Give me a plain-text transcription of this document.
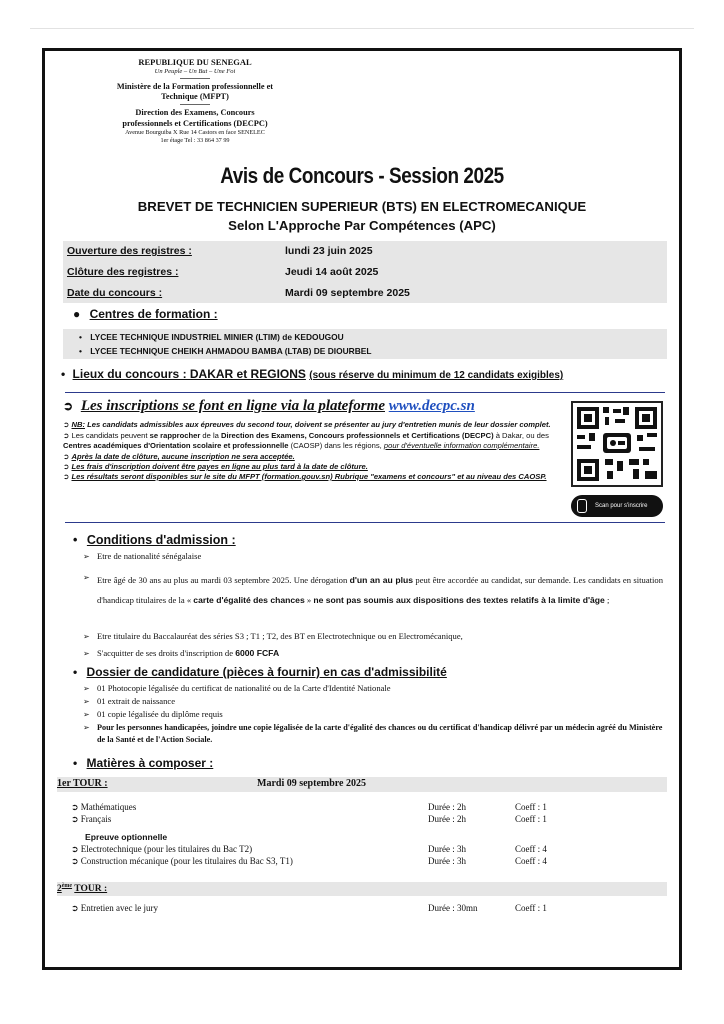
REPUBLIQUE DU SENEGAL
Un Peuple – Un But – Une Foi
Ministère de la Formation professionnelle et
Technique (MFPT)
Direction des Examens, Concours
professionnels et Certifications (DECPC)
Avenue Bourguiba X Rue 14 Castors en face SENELEC
1er étage Tel : 33 864 37 99
Avis de Concours - Session 2025
BREVET DE TECHNICIEN SUPERIEUR (BTS) EN ELECTROMECANIQUE
Selon L'Approche Par Compétences (APC)
Ouverture des registres :	lundi 23 juin 2025
Clôture des registres :	Jeudi 14 août 2025
Date du concours :	Mardi 09 septembre 2025
● Centres de formation :
• LYCEE TECHNIQUE INDUSTRIEL MINIER (LTIM) de KEDOUGOU
• LYCEE TECHNIQUE CHEIKH AHMADOU BAMBA (LTAB) DE DIOURBEL
• Lieux du concours : DAKAR et REGIONS (sous réserve du minimum de 12 candidats exigibles)
➲ Les inscriptions se font en ligne via la plateforme www.decpc.sn
➲ NB: Les candidats admissibles aux épreuves du second tour, doivent se présenter au jury d'entretien munis de leur dossier complet.
➲ Les candidats peuvent se rapprocher de la Direction des Examens, Concours professionnels et Certifications (DECPC) à Dakar, ou des Centres académiques d'Orientation scolaire et professionnelle (CAOSP) dans les régions, pour d'éventuelle information complémentaire.
➲ Après la date de clôture, aucune inscription ne sera acceptée.
➲ Les frais d'inscription doivent être payes en ligne au plus tard à la date de clôture.
➲ Les résultats seront disponibles sur le site du MFPT (formation.gouv.sn) Rubrique "examens et concours" et au niveau des CAOSP.
Scan pour s'inscrire
• Conditions d'admission :
➢ Etre de nationalité sénégalaise
➢ Etre âgé de 30 ans au plus au mardi 03 septembre 2025. Une dérogation d'un an au plus peut être accordée au candidat, sur demande. Les candidats en situation d'handicap titulaires de la « carte d'égalité des chances » ne sont pas soumis aux dispositions des textes relatifs à la limite d'âge ;
➢ Etre titulaire du Baccalauréat des séries S3 ; T1 ; T2, des BT en Electrotechnique ou en Electromécanique,
➢ S'acquitter de ses droits d'inscription de 6000 FCFA
• Dossier de candidature (pièces à fournir) en cas d'admissibilité
➢ 01 Photocopie légalisée du certificat de nationalité ou de la Carte d'Identité Nationale
➢ 01 extrait de naissance
➢ 01 copie légalisée du diplôme requis
➢ Pour les personnes handicapées, joindre une copie légalisée de la carte d'égalité des chances ou du certificat d'handicap délivré par un médecin agréé du Ministère de la Santé et de l'Action Sociale.
• Matières à composer :
1er TOUR :	Mardi 09 septembre 2025
➲ Mathématiques	Durée : 2h	Coeff : 1
➲ Français	Durée : 2h	Coeff : 1
Epreuve optionnelle
➲ Electrotechnique (pour les titulaires du Bac T2)	Durée : 3h	Coeff : 4
➲ Construction mécanique (pour les titulaires du Bac S3, T1)	Durée : 3h	Coeff : 4
2ème TOUR :
➲ Entretien avec le jury	Durée : 30mn	Coeff : 1
